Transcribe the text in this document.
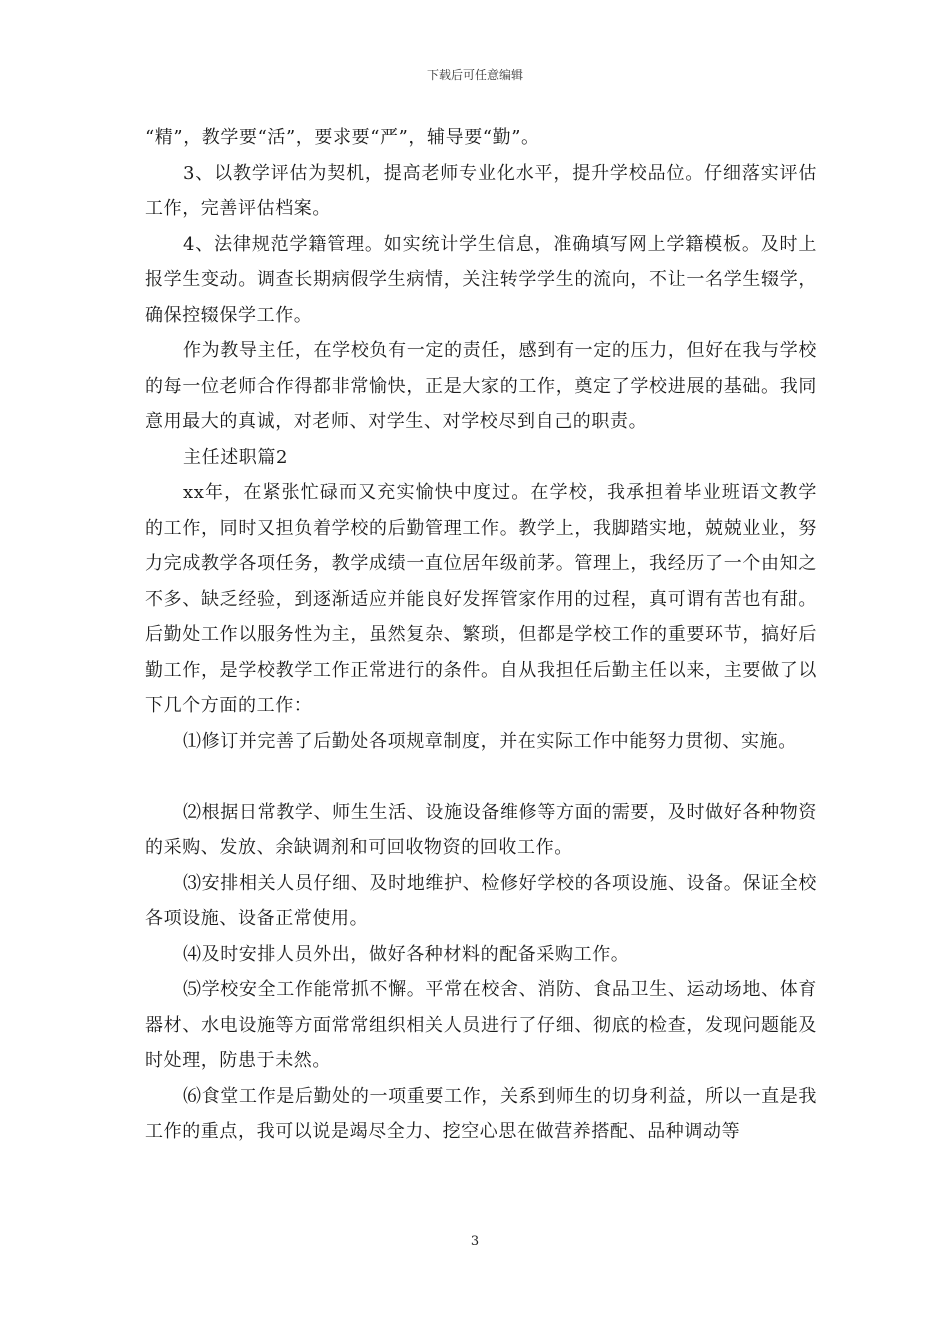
下载后可任意编辑

“精”，教学要“活”，要求要“严”，辅导要“勤”。

3、以教学评估为契机，提高老师专业化水平，提升学校品位。仔细落实评估工作，完善评估档案。

4、法律规范学籍管理。如实统计学生信息，准确填写网上学籍模板。及时上报学生变动。调查长期病假学生病情，关注转学学生的流向，不让一名学生辍学，确保控辍保学工作。

作为教导主任，在学校负有一定的责任，感到有一定的压力，但好在我与学校的每一位老师合作得都非常愉快，正是大家的工作，奠定了学校进展的基础。我同意用最大的真诚，对老师、对学生、对学校尽到自己的职责。

主任述职篇2

xx年，在紧张忙碌而又充实愉快中度过。在学校，我承担着毕业班语文教学的工作，同时又担负着学校的后勤管理工作。教学上，我脚踏实地，兢兢业业，努力完成教学各项任务，教学成绩一直位居年级前茅。管理上，我经历了一个由知之不多、缺乏经验，到逐渐适应并能良好发挥管家作用的过程，真可谓有苦也有甜。后勤处工作以服务性为主，虽然复杂、繁琐，但都是学校工作的重要环节，搞好后勤工作，是学校教学工作正常进行的条件。自从我担任后勤主任以来，主要做了以下几个方面的工作：

⑴修订并完善了后勤处各项规章制度，并在实际工作中能努力贯彻、实施。

⑵根据日常教学、师生生活、设施设备维修等方面的需要，及时做好各种物资的采购、发放、余缺调剂和可回收物资的回收工作。

⑶安排相关人员仔细、及时地维护、检修好学校的各项设施、设备。保证全校各项设施、设备正常使用。

⑷及时安排人员外出，做好各种材料的配备采购工作。

⑸学校安全工作能常抓不懈。平常在校舍、消防、食品卫生、运动场地、体育器材、水电设施等方面常常组织相关人员进行了仔细、彻底的检查，发现问题能及时处理，防患于未然。

⑹食堂工作是后勤处的一项重要工作，关系到师生的切身利益，所以一直是我工作的重点，我可以说是竭尽全力、挖空心思在做营养搭配、品种调动等

3
